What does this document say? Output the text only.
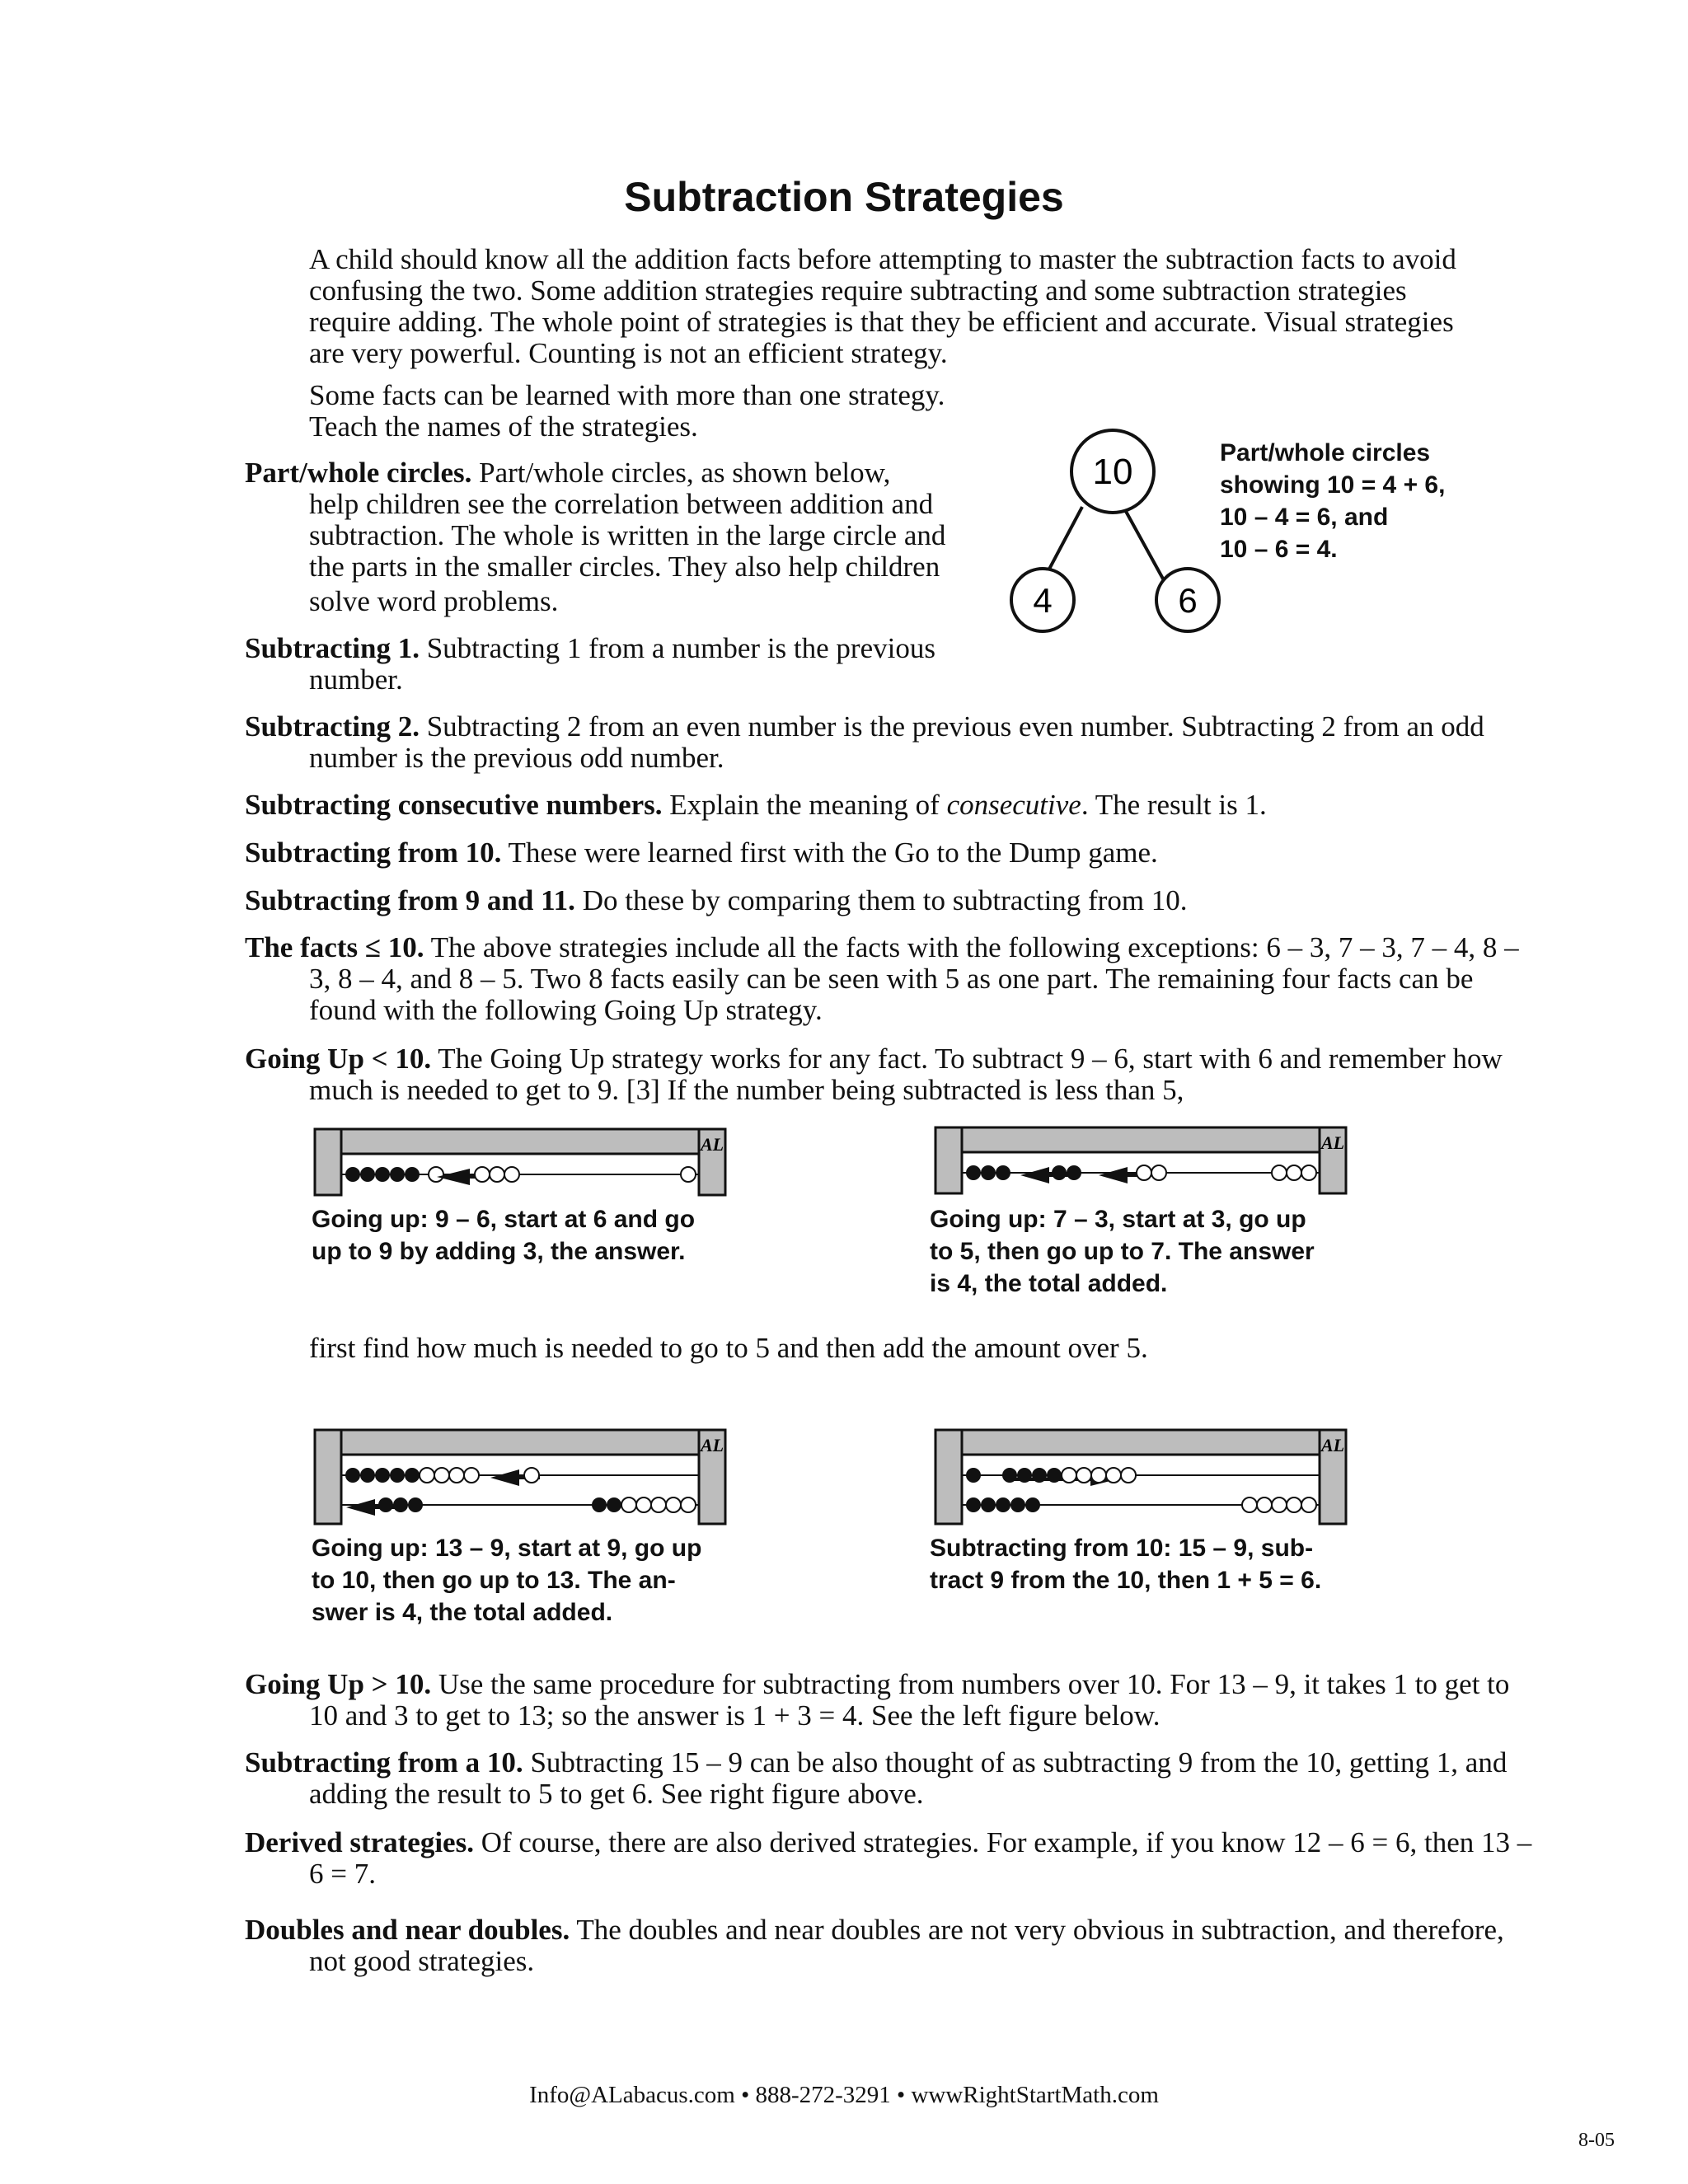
Subtraction Strategies

A child should know all the addition facts before attempting to master the subtraction facts to avoid confusing the two. Some addition strategies require subtracting and some subtraction strategies require adding. The whole point of strategies is that they be efficient and accurate. Visual strategies are very powerful. Counting is not an efficient strategy.

Some facts can be learned with more than one strategy.

Teach the names of the strategies.

Part/whole circles. Part/whole circles, as shown below,

help children see the correlation between addition and

subtraction. The whole is written in the large circle and

the parts in the smaller circles. They also help children

solve word problems.

10
4	6
Part/whole circles
showing 10 = 4 + 6,
10 – 4 = 6, and
10 – 6 = 4.

Subtracting 1. Subtracting 1 from a number is the previous

number.

Subtracting 2. Subtracting 2 from an even number is the previous even number. Subtracting 2 from an odd number is the previous odd number.

Subtracting consecutive numbers. Explain the meaning of consecutive. The result is 1.

Subtracting from 10. These were learned first with the Go to the Dump game.

Subtracting from 9 and 11. Do these by comparing them to subtracting from 10.

The facts ≤ 10. The above strategies include all the facts with the following exceptions: 6 – 3, 7 – 3, 7 – 4, 8 – 3, 8 – 4, and 8 – 5. Two 8 facts easily can be seen with 5 as one part. The remaining four facts can be found with the following Going Up strategy.

Going Up < 10. The Going Up strategy works for any fact. To subtract 9 – 6, start with 6 and remember how much is needed to get to 9. [3] If the number being subtracted is less than 5,

AL
Going up: 9 – 6, start at 6 and go
up to 9 by adding 3, the answer.
AL
Going up: 7 – 3, start at 3, go up
to 5, then go up to 7. The answer
is 4, the total added.

first find how much is needed to go to 5 and then add the amount over 5.

AL
Going up: 13 – 9, start at 9, go up
to 10, then go up to 13. The an-
swer is 4, the total added.
AL
Subtracting from 10: 15 – 9, sub-
tract 9 from the 10, then 1 + 5 = 6.

Going Up > 10. Use the same procedure for subtracting from numbers over 10. For 13 – 9, it takes 1 to get to 10 and 3 to get to 13; so the answer is 1 + 3 = 4. See the left figure below.

Subtracting from a 10. Subtracting 15 – 9 can be also thought of as subtracting 9 from the 10, getting 1, and adding the result to 5 to get 6. See right figure above.

Derived strategies. Of course, there are also derived strategies. For example, if you know 12 – 6 = 6, then 13 – 6 = 7.

Doubles and near doubles. The doubles and near doubles are not very obvious in subtraction, and therefore, not good strategies.

Info@ALabacus.com • 888-272-3291 • wwwRightStartMath.com
8-05
